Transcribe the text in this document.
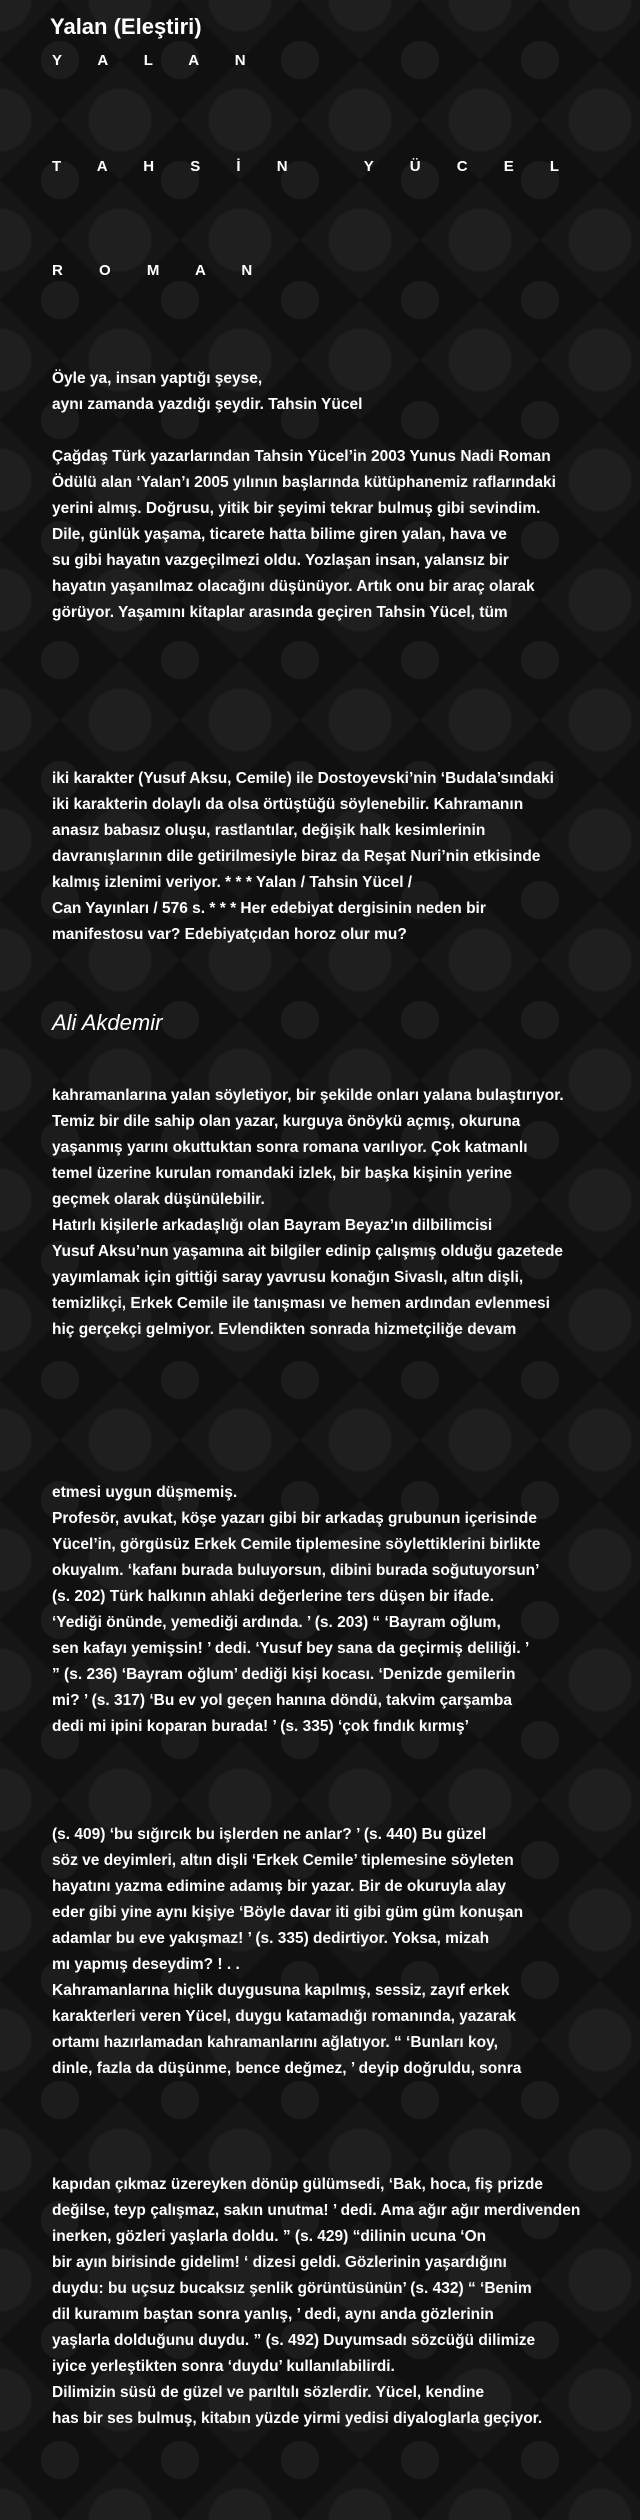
Yalan (Eleştiri)

Y A L A N

T A H S İ N   Y Ü C E L

R O M A N

Öyle ya, insan yaptığı şeyse,
aynı zamanda yazdığı şeydir. Tahsin Yücel

Çağdaş Türk yazarlarından Tahsin Yücel’in 2003 Yunus Nadi Roman
Ödülü alan ‘Yalan’ı 2005 yılının başlarında kütüphanemiz raflarındaki
yerini almış. Doğrusu, yitik bir şeyimi tekrar bulmuş gibi sevindim.
Dile, günlük yaşama, ticarete hatta bilime giren yalan, hava ve
su gibi hayatın vazgeçilmezi oldu. Yozlaşan insan, yalansız bir
hayatın yaşanılmaz olacağını düşünüyor. Artık onu bir araç olarak
görüyor. Yaşamını kitaplar arasında geçiren Tahsin Yücel, tüm

iki karakter (Yusuf Aksu, Cemile) ile Dostoyevski’nin ‘Budala’sındaki
iki karakterin dolaylı da olsa örtüştüğü söylenebilir. Kahramanın
anasız babasız oluşu, rastlantılar, değişik halk kesimlerinin
davranışlarının dile getirilmesiyle biraz da Reşat Nuri’nin etkisinde
kalmış izlenimi veriyor. * * * Yalan / Tahsin Yücel /
Can Yayınları / 576 s. * * * Her edebiyat dergisinin neden bir
manifestosu var? Edebiyatçıdan horoz olur mu?

Ali Akdemir

kahramanlarına yalan söyletiyor, bir şekilde onları yalana bulaştırıyor.
Temiz bir dile sahip olan yazar, kurguya önöykü açmış, okuruna
yaşanmış yarını okuttuktan sonra romana varılıyor. Çok katmanlı
temel üzerine kurulan romandaki izlek, bir başka kişinin yerine
geçmek olarak düşünülebilir.
Hatırlı kişilerle arkadaşlığı olan Bayram Beyaz’ın dilbilimcisi
Yusuf Aksu’nun yaşamına ait bilgiler edinip çalışmış olduğu gazetede
yayımlamak için gittiği saray yavrusu konağın Sivaslı, altın dişli,
temizlikçi, Erkek Cemile ile tanışması ve hemen ardından evlenmesi
hiç gerçekçi gelmiyor. Evlendikten sonrada hizmetçiliğe devam

etmesi uygun düşmemiş.
Profesör, avukat, köşe yazarı gibi bir arkadaş grubunun içerisinde
Yücel’in, görgüsüz Erkek Cemile tiplemesine söylettiklerini birlikte
okuyalım. ‘kafanı burada buluyorsun, dibini burada soğutuyorsun’
(s. 202) Türk halkının ahlaki değerlerine ters düşen bir ifade.
‘Yediği önünde, yemediği ardında. ’ (s. 203) “ ‘Bayram oğlum,
sen kafayı yemişsin! ’ dedi. ‘Yusuf bey sana da geçirmiş deliliği. ’
” (s. 236) ‘Bayram oğlum’ dediği kişi kocası. ‘Denizde gemilerin
mi? ’ (s. 317) ‘Bu ev yol geçen hanına döndü, takvim çarşamba
dedi mi ipini koparan burada! ’ (s. 335) ‘çok fındık kırmış’

(s. 409) ‘bu sığırcık bu işlerden ne anlar? ’ (s. 440) Bu güzel
söz ve deyimleri, altın dişli ‘Erkek Cemile’ tiplemesine söyleten
hayatını yazma edimine adamış bir yazar. Bir de okuruyla alay
eder gibi yine aynı kişiye ‘Böyle davar iti gibi güm güm konuşan
adamlar bu eve yakışmaz! ’ (s. 335) dedirtiyor. Yoksa, mizah
mı yapmış deseydim? ! . .
Kahramanlarına hiçlik duygusuna kapılmış, sessiz, zayıf erkek
karakterleri veren Yücel, duygu katamadığı romanında, yazarak
ortamı hazırlamadan kahramanlarını ağlatıyor. “ ‘Bunları koy,
dinle, fazla da düşünme, bence değmez, ’ deyip doğruldu, sonra

kapıdan çıkmaz üzereyken dönüp gülümsedi, ‘Bak, hoca, fiş prizde
değilse, teyp çalışmaz, sakın unutma! ’ dedi. Ama ağır ağır merdivenden
inerken, gözleri yaşlarla doldu. ” (s. 429) “dilinin ucuna ‘On
bir ayın birisinde gidelim! ‘ dizesi geldi. Gözlerinin yaşardığını
duydu: bu uçsuz bucaksız şenlik görüntüsünün’ (s. 432) “ ‘Benim
dil kuramım baştan sonra yanlış, ’ dedi, aynı anda gözlerinin
yaşlarla dolduğunu duydu. ” (s. 492) Duyumsadı sözcüğü dilimize
iyice yerleştikten sonra ‘duydu’ kullanılabilirdi.
Dilimizin süsü de güzel ve parıltılı sözlerdir. Yücel, kendine
has bir ses bulmuş, kitabın yüzde yirmi yedisi diyaloglarla geçiyor.
